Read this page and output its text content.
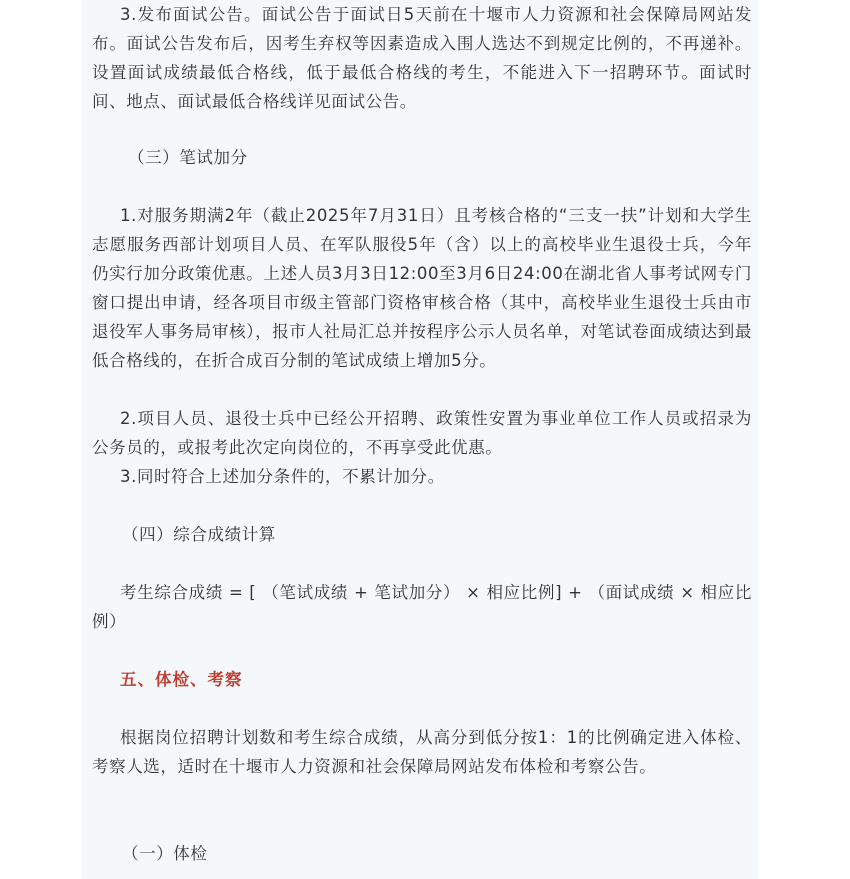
3.发布面试公告。面试公告于面试日5天前在十堰市人力资源和社会保障局网站发布。面试公告发布后，因考生弃权等因素造成入围人选达不到规定比例的，不再递补。设置面试成绩最低合格线，低于最低合格线的考生，不能进入下一招聘环节。面试时间、地点、面试最低合格线详见面试公告。

（三）笔试加分

1.对服务期满2年（截止2025年7月31日）且考核合格的“三支一扶”计划和大学生志愿服务西部计划项目人员、在军队服役5年（含）以上的高校毕业生退役士兵，今年仍实行加分政策优惠。上述人员3月3日12:00至3月6日24:00在湖北省人事考试网专门窗口提出申请，经各项目市级主管部门资格审核合格（其中，高校毕业生退役士兵由市退役军人事务局审核），报市人社局汇总并按程序公示人员名单，对笔试卷面成绩达到最低合格线的，在折合成百分制的笔试成绩上增加5分。

2.项目人员、退役士兵中已经公开招聘、政策性安置为事业单位工作人员或招录为公务员的，或报考此次定向岗位的，不再享受此优惠。

3.同时符合上述加分条件的，不累计加分。

（四）综合成绩计算

考生综合成绩 = [ （笔试成绩 + 笔试加分） × 相应比例] + （面试成绩 × 相应比例）

五、体检、考察

根据岗位招聘计划数和考生综合成绩，从高分到低分按1：1的比例确定进入体检、考察人选，适时在十堰市人力资源和社会保障局网站发布体检和考察公告。

（一）体检
